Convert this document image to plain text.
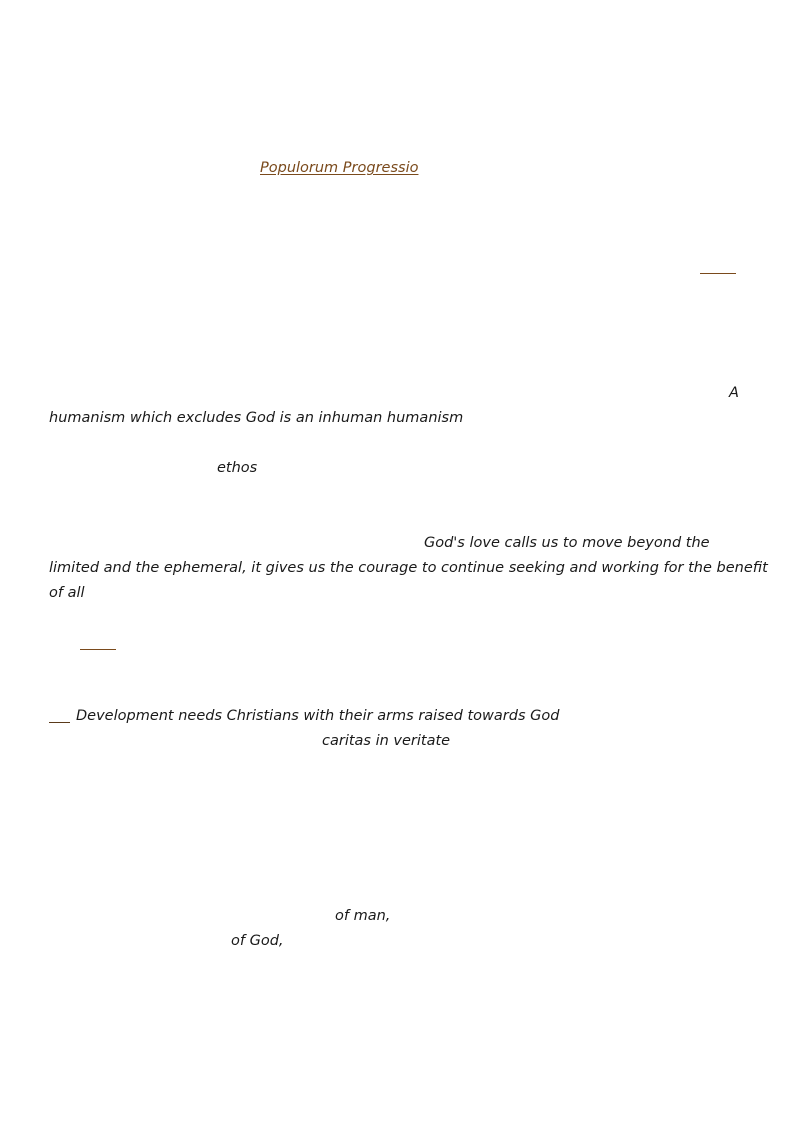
Populorum Progressio
A
humanism which excludes God is an inhuman humanism
ethos
God's love calls us to move beyond the
limited and the ephemeral, it gives us the courage to continue seeking and working for the benefit
of all
Development needs Christians with their arms raised towards God
caritas in veritate
of man,
of God,
